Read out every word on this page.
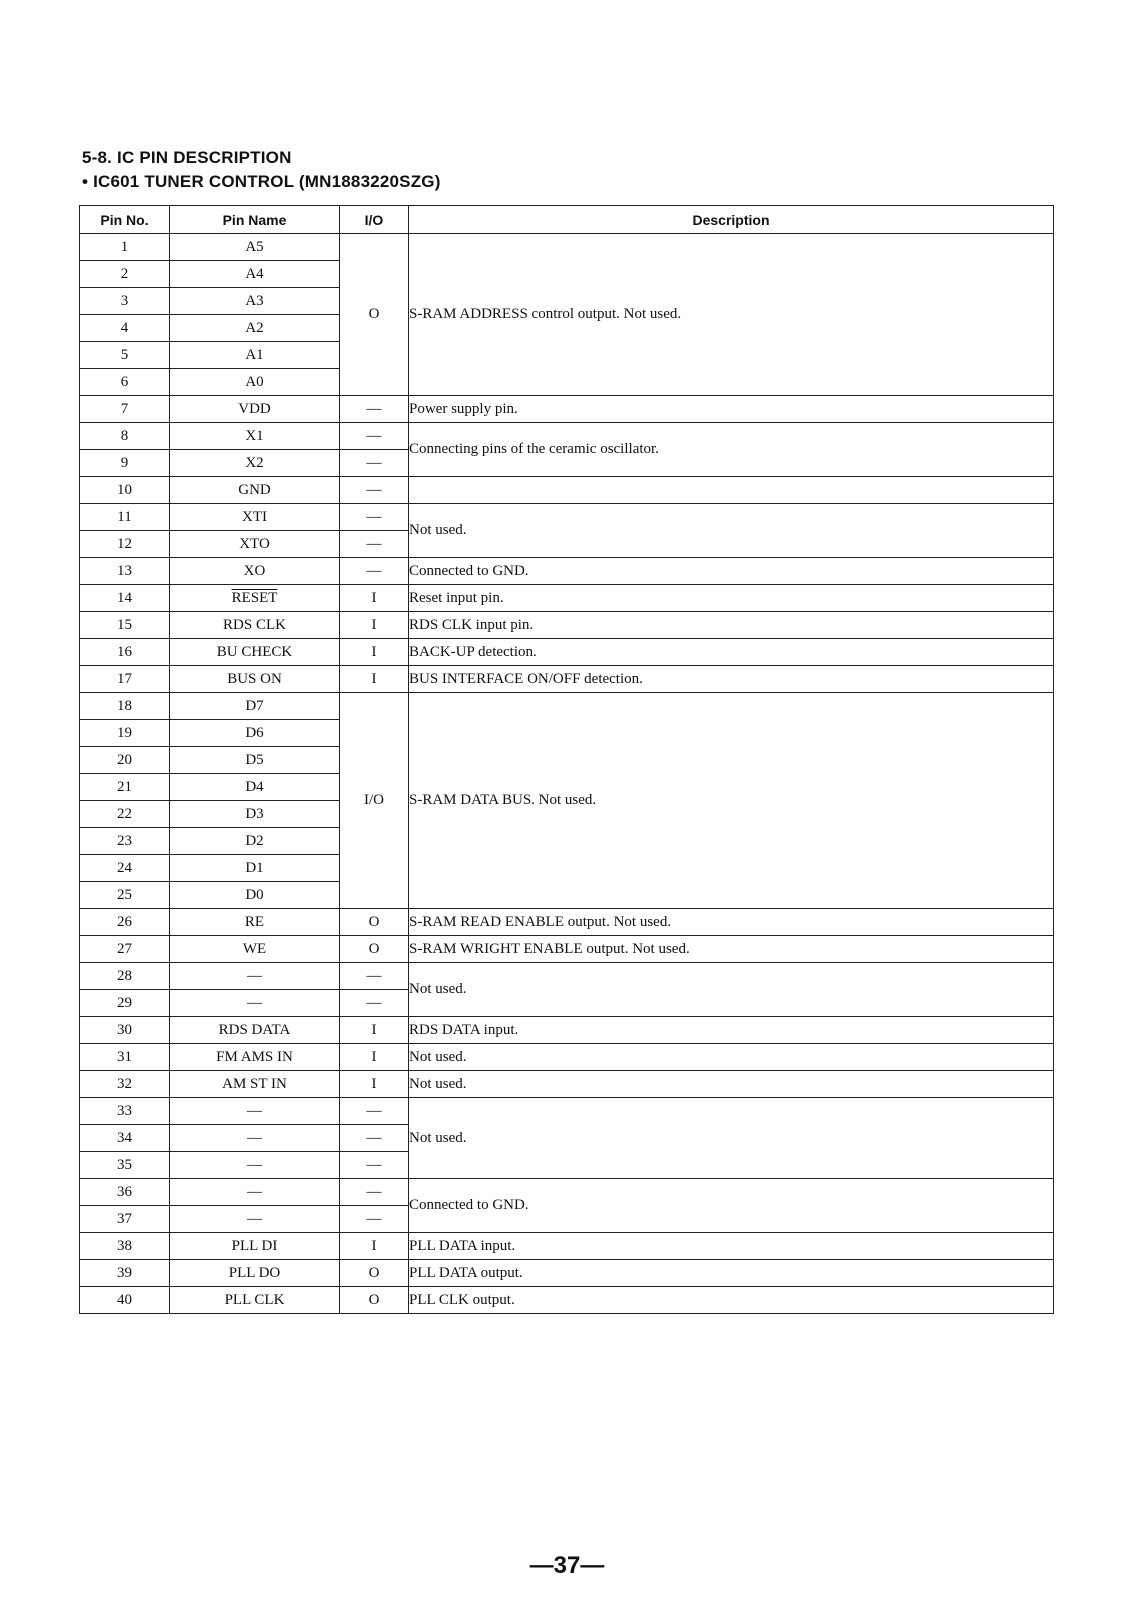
5-8. IC PIN DESCRIPTION
• IC601 TUNER CONTROL (MN1883220SZG)
Pin No.	Pin Name	I/O	Description
1	A5	O	S-RAM ADDRESS control output. Not used.
2	A4		
3	A3		
4	A2		
5	A1		
6	A0		
7	VDD	—	Power supply pin.
8	X1	—	Connecting pins of the ceramic oscillator.
9	X2	—	
10	GND	—	
11	XTI	—	Not used.
12	XTO	—	
13	XO	—	Connected to GND.
14	RESET	I	Reset input pin.
15	RDS CLK	I	RDS CLK input pin.
16	BU CHECK	I	BACK-UP detection.
17	BUS ON	I	BUS INTERFACE ON/OFF detection.
18	D7	I/O	S-RAM DATA BUS. Not used.
19	D6		
20	D5		
21	D4		
22	D3		
23	D2		
24	D1		
25	D0		
26	RE	O	S-RAM READ ENABLE output. Not used.
27	WE	O	S-RAM WRIGHT ENABLE output. Not used.
28	—	—	Not used.
29	—	—	
30	RDS DATA	I	RDS DATA input.
31	FM AMS IN	I	Not used.
32	AM ST IN	I	Not used.
33	—	—	Not used.
34	—	—	
35	—	—	
36	—	—	Connected to GND.
37	—	—	
38	PLL DI	I	PLL DATA input.
39	PLL DO	O	PLL DATA output.
40	PLL CLK	O	PLL CLK output.
—37—
